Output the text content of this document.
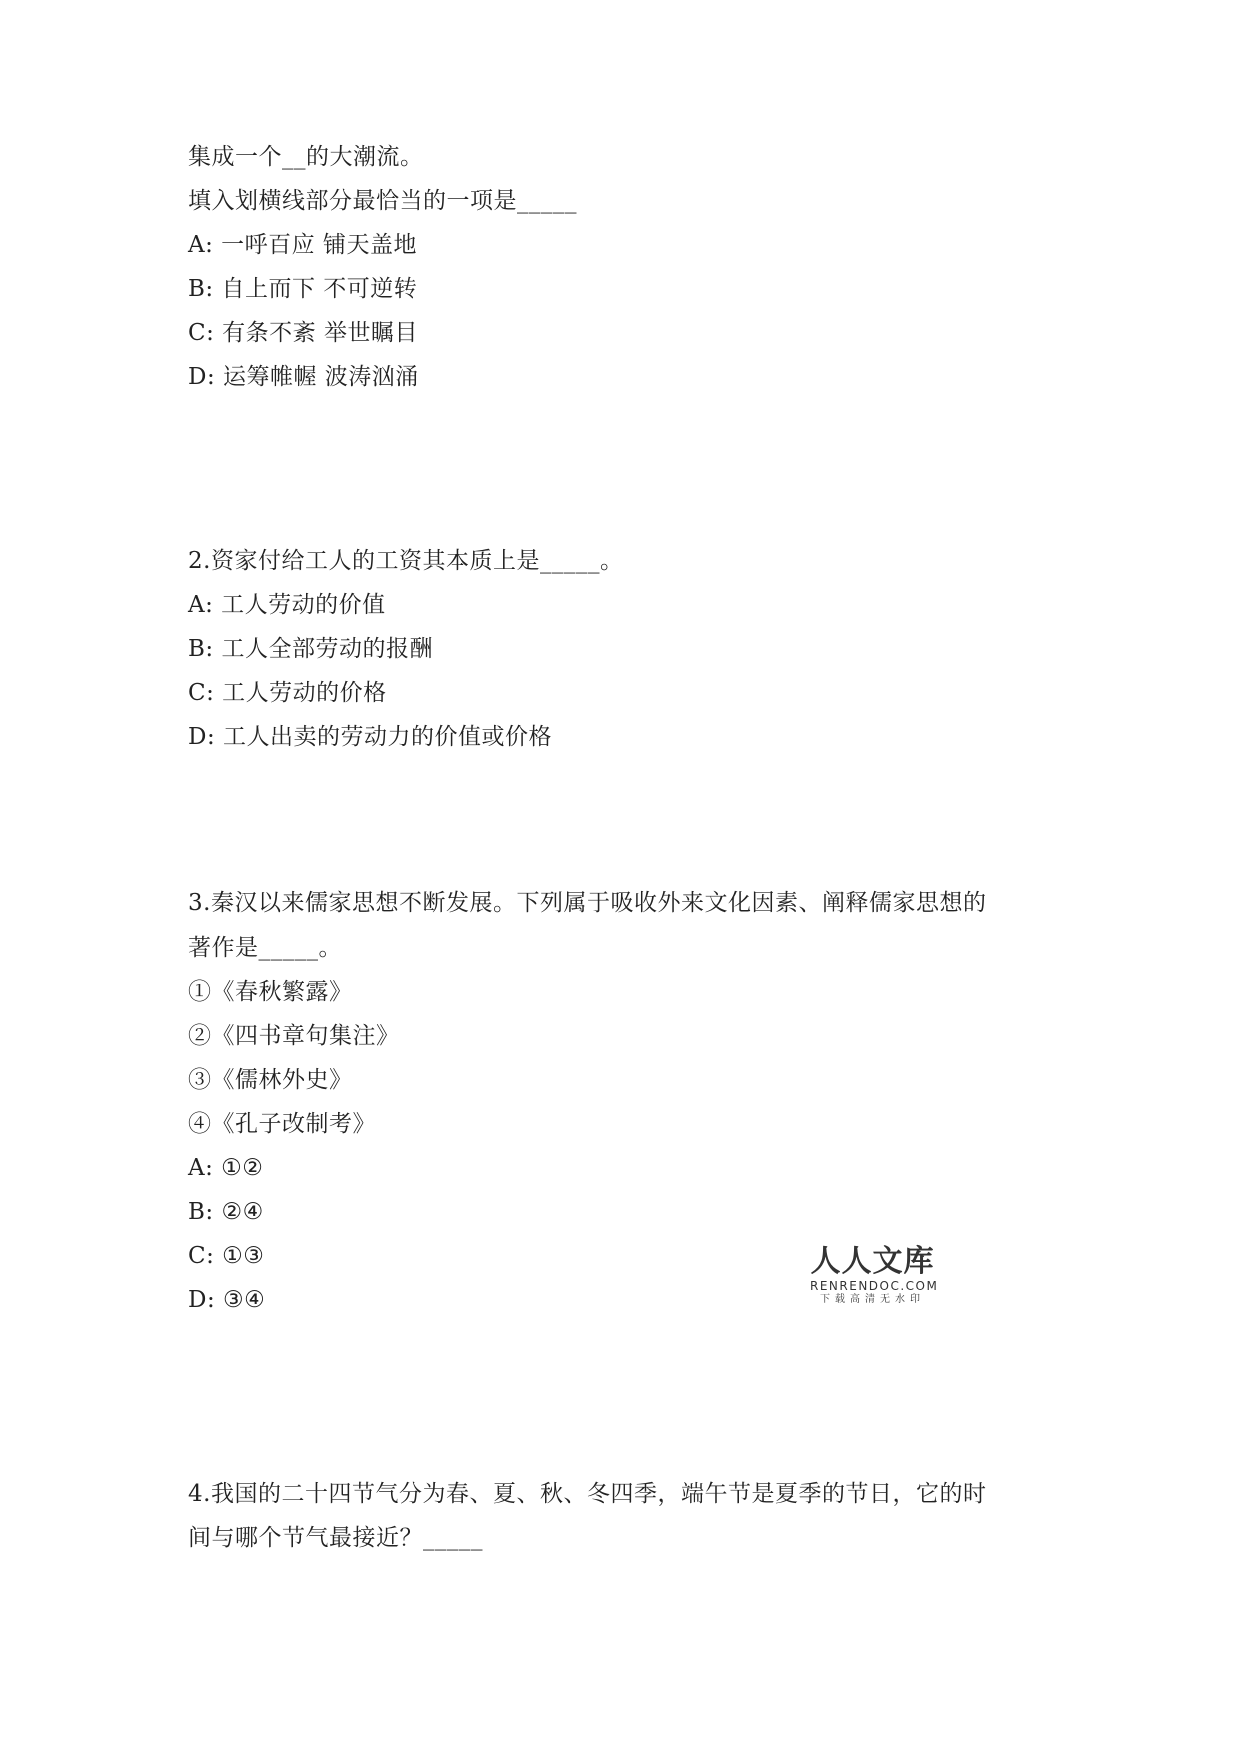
集成一个__的大潮流。
填入划横线部分最恰当的一项是_____
A: 一呼百应 铺天盖地
B: 自上而下 不可逆转
C: 有条不紊 举世瞩目
D: 运筹帷幄 波涛汹涌
2.资家付给工人的工资其本质上是_____。
A: 工人劳动的价值
B: 工人全部劳动的报酬
C: 工人劳动的价格
D: 工人出卖的劳动力的价值或价格
3.秦汉以来儒家思想不断发展。下列属于吸收外来文化因素、阐释儒家思想的
著作是_____。
①《春秋繁露》
②《四书章句集注》
③《儒林外史》
④《孔子改制考》
A: ①②
B: ②④
C: ①③
D: ③④
4.我国的二十四节气分为春、夏、秋、冬四季，端午节是夏季的节日，它的时
间与哪个节气最接近？_____
人人文库
RENRENDOC.COM
下载高清无水印
